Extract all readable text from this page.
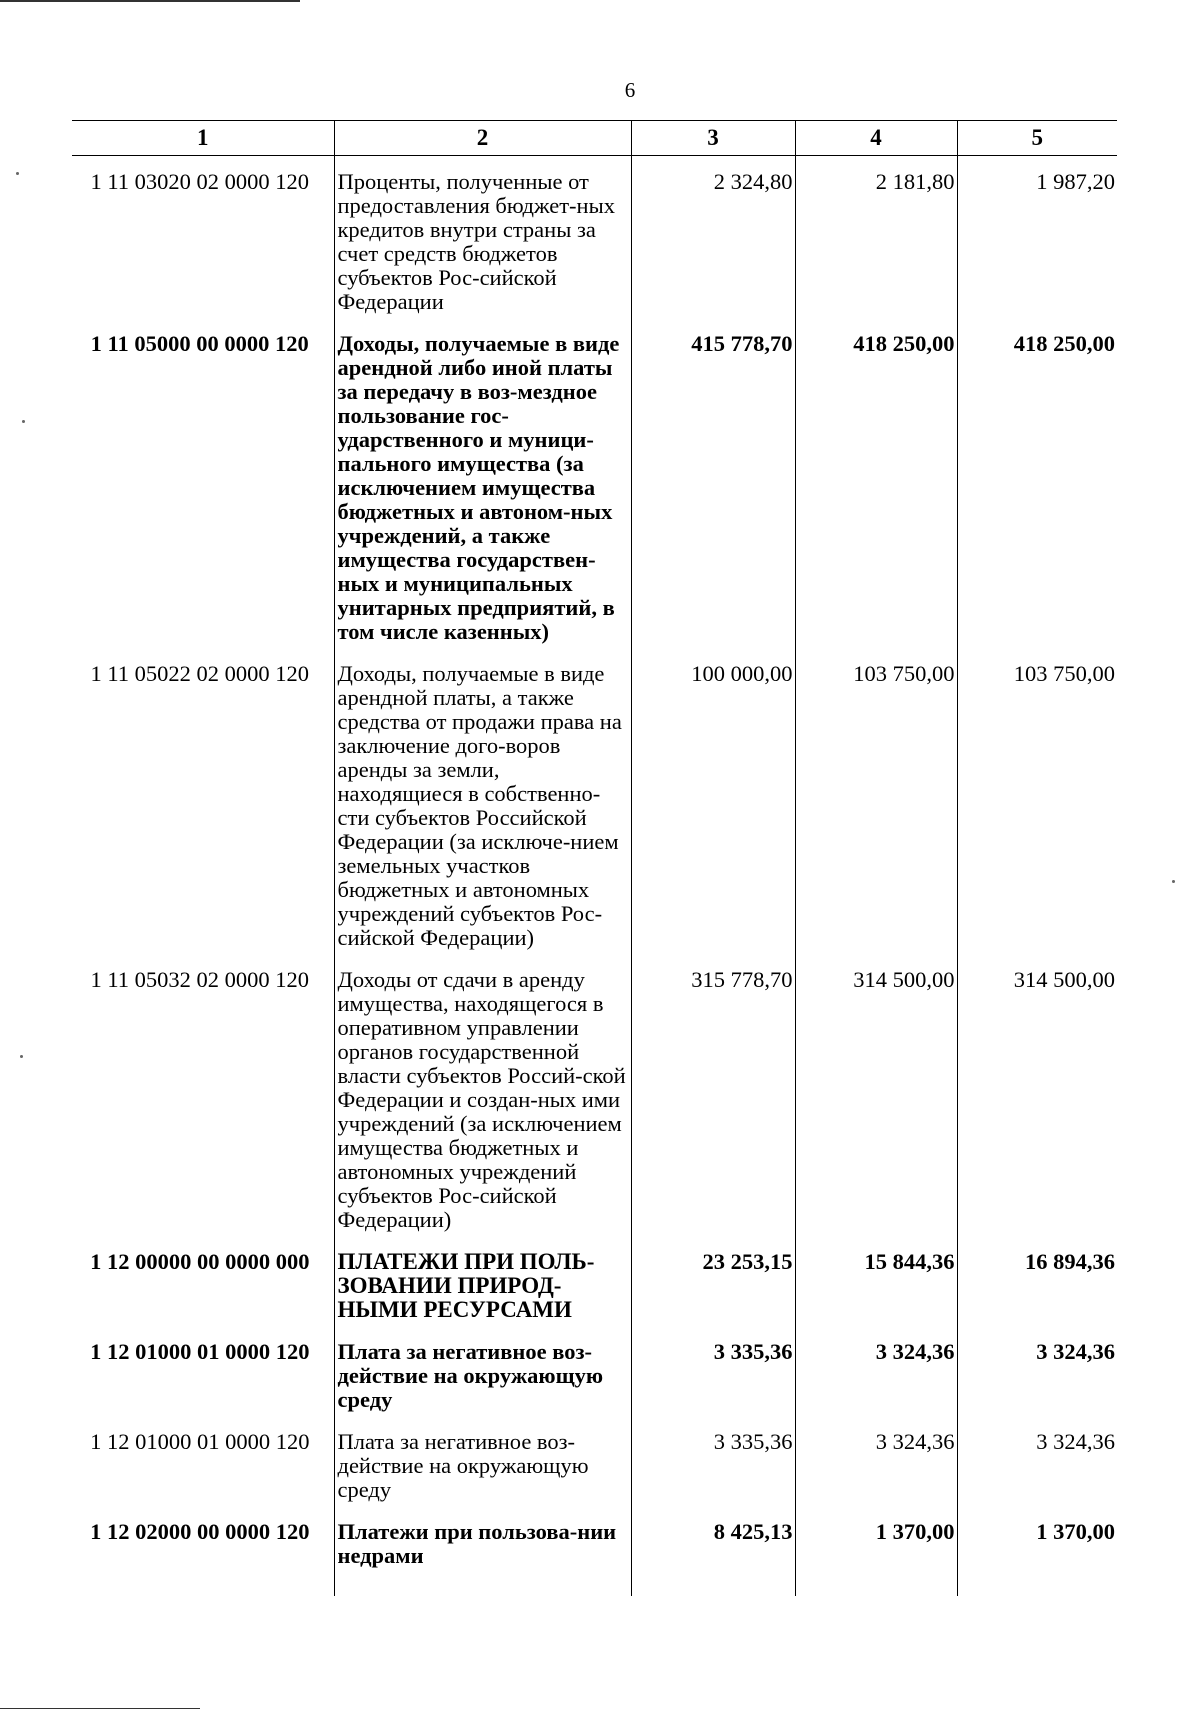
6
1	2	3	4	5
1 11 03020 02 0000 120	Проценты, полученные от предоставления бюджет-ных кредитов внутри страны за счет средств бюджетов субъектов Рос-сийской Федерации	2 324,80	2 181,80	1 987,20
1 11 05000 00 0000 120	Доходы, получаемые в виде арендной либо иной платы за передачу в воз-мездное пользование гос-ударственного и муници-пального имущества (за исключением имущества бюджетных и автоном-ных учреждений, а также имущества государствен-ных и муниципальных унитарных предприятий, в том числе казенных)	415 778,70	418 250,00	418 250,00
1 11 05022 02 0000 120	Доходы, получаемые в виде арендной платы, а также средства от продажи права на заключение дого-воров аренды за земли, находящиеся в собственно-сти субъектов Российской Федерации (за исключе-нием земельных участков бюджетных и автономных учреждений субъектов Рос-сийской Федерации)	100 000,00	103 750,00	103 750,00
1 11 05032 02 0000 120	Доходы от сдачи в аренду имущества, находящегося в оперативном управлении органов государственной власти субъектов Россий-ской Федерации и создан-ных ими учреждений (за исключением имущества бюджетных и автономных учреждений субъектов Рос-сийской Федерации)	315 778,70	314 500,00	314 500,00
1 12 00000 00 0000 000	ПЛАТЕЖИ ПРИ ПОЛЬ-ЗОВАНИИ ПРИРОД-НЫМИ РЕСУРСАМИ	23 253,15	15 844,36	16 894,36
1 12 01000 01 0000 120	Плата за негативное воз-действие на окружающую среду	3 335,36	3 324,36	3 324,36
1 12 01000 01 0000 120	Плата за негативное воз-действие на окружающую среду	3 335,36	3 324,36	3 324,36
1 12 02000 00 0000 120	Платежи при пользова-нии недрами	8 425,13	1 370,00	1 370,00
